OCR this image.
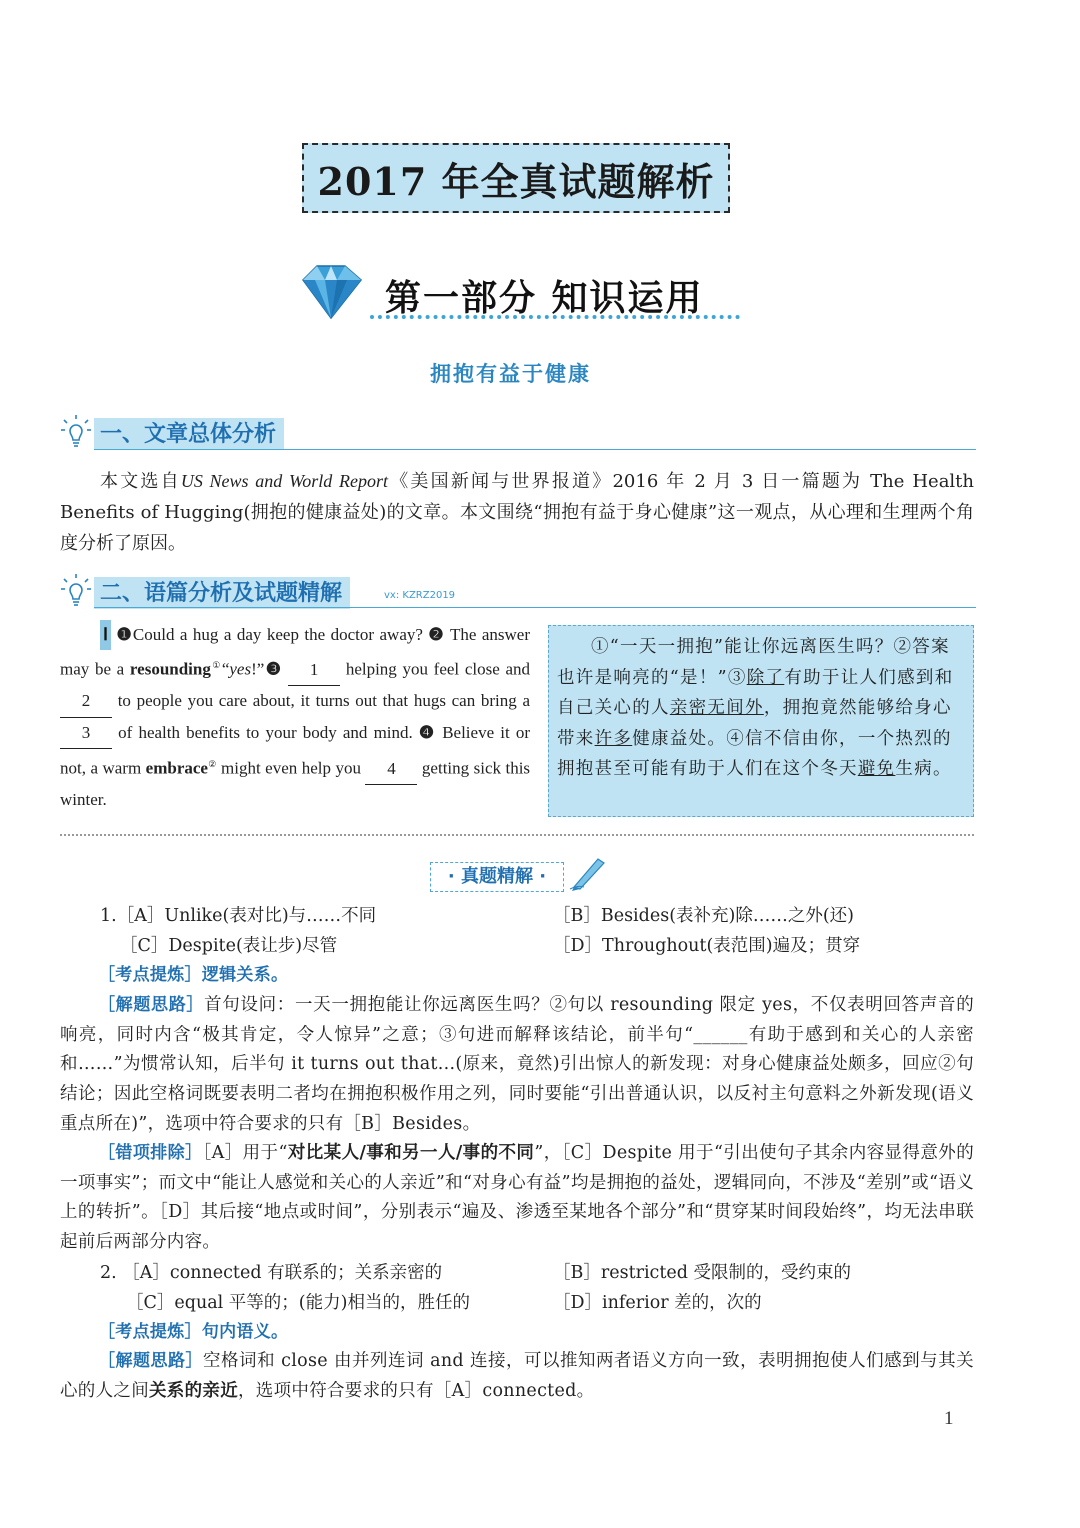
2017 年全真试题解析
第一部分 知识运用
拥抱有益于健康
一、文章总体分析
本文选自US News and World Report《美国新闻与世界报道》2016 年 2 月 3 日一篇题为 The Health Benefits of Hugging(拥抱的健康益处)的文章。本文围绕“拥抱有益于身心健康”这一观点，从心理和生理两个角度分析了原因。
二、语篇分析及试题精解	vx: KZRZ2019
Ⅰ ❶Could a hug a day keep the doctor away? ❷ The answer may be a resounding①“yes!”❸ 1 helping you feel close and 2 to people you care about, it turns out that hugs can bring a 3 of health benefits to your body and mind. ❹ Believe it or not, a warm embrace② might even help you 4 getting sick this winter.
①“一天一拥抱”能让你远离医生吗？②答案也许是响亮的“是！”③除了有助于让人们感到和自己关心的人亲密无间外，拥抱竟然能够给身心带来许多健康益处。④信不信由你，一个热烈的拥抱甚至可能有助于人们在这个冬天避免生病。
· 真题精解 ·
1.［A］Unlike(表对比)与……不同	［B］Besides(表补充)除……之外(还)
［C］Despite(表让步)尽管	［D］Throughout(表范围)遍及；贯穿
［考点提炼］逻辑关系。
［解题思路］首句设问：一天一拥抱能让你远离医生吗？②句以 resounding 限定 yes，不仅表明回答声音的响亮，同时内含“极其肯定，令人惊异”之意；③句进而解释该结论，前半句“______有助于感到和关心的人亲密和……”为惯常认知，后半句 it turns out that...(原来，竟然)引出惊人的新发现：对身心健康益处颇多，回应②句结论；因此空格词既要表明二者均在拥抱积极作用之列，同时要能“引出普通认识，以反衬主句意料之外新发现(语义重点所在)”，选项中符合要求的只有［B］Besides。
［错项排除］［A］用于“对比某人/事和另一人/事的不同”，［C］Despite 用于“引出使句子其余内容显得意外的一项事实”；而文中“能让人感觉和关心的人亲近”和“对身心有益”均是拥抱的益处，逻辑同向，不涉及“差别”或“语义上的转折”。［D］其后接“地点或时间”，分别表示“遍及、渗透至某地各个部分”和“贯穿某时间段始终”，均无法串联起前后两部分内容。
2. ［A］connected 有联系的；关系亲密的	［B］restricted 受限制的，受约束的
［C］equal 平等的；(能力)相当的，胜任的	［D］inferior 差的，次的
［考点提炼］句内语义。
［解题思路］空格词和 close 由并列连词 and 连接，可以推知两者语义方向一致，表明拥抱使人们感到与其关心的人之间关系的亲近，选项中符合要求的只有［A］connected。
1
